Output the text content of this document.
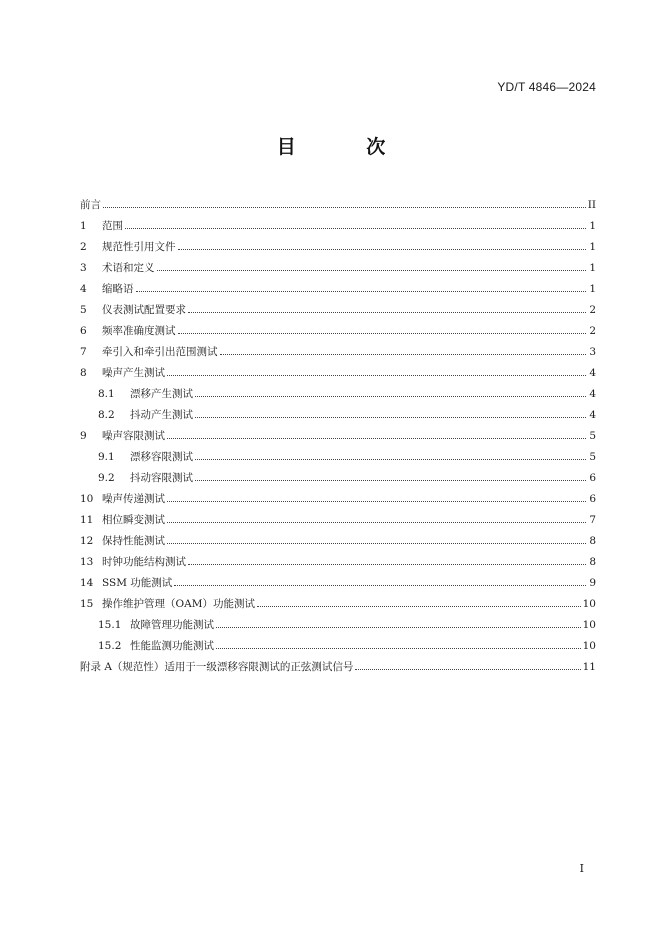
YD/T 4846—2024
目 次
前言	II
1	范围	1
2	规范性引用文件	1
3	术语和定义	1
4	缩略语	1
5	仪表测试配置要求	2
6	频率准确度测试	2
7	牵引入和牵引出范围测试	3
8	噪声产生测试	4
8.1	漂移产生测试	4
8.2	抖动产生测试	4
9	噪声容限测试	5
9.1	漂移容限测试	5
9.2	抖动容限测试	6
10 噪声传递测试	6
11 相位瞬变测试	7
12 保持性能测试	8
13 时钟功能结构测试	8
14 SSM 功能测试	9
15 操作维护管理（OAM）功能测试	10
15.1 故障管理功能测试	10
15.2 性能监测功能测试	10
附录 A（规范性）适用于一级漂移容限测试的正弦测试信号	11
I
